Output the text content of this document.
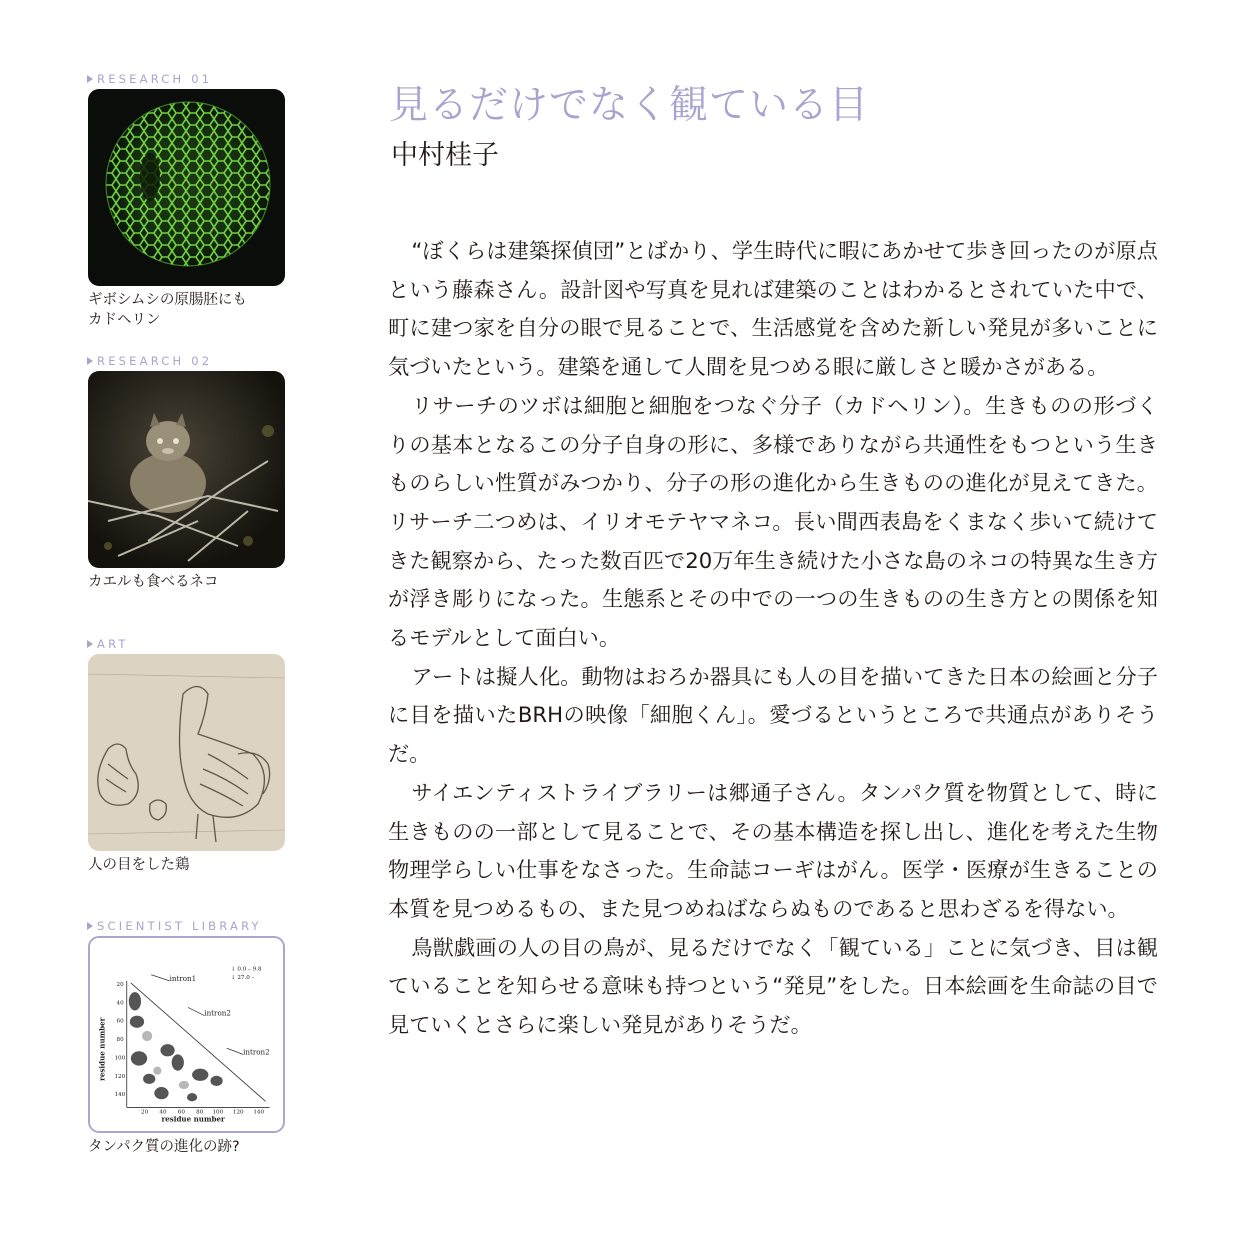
RESEARCH 01
ギボシムシの原腸胚にも
カドヘリン
RESEARCH 02
カエルも食べるネコ
ART
人の目をした鶏
SCIENTIST LIBRARY
intron1
intron2
intron2
↓ 0.0 – 9.8
↓ 27.0 –
residue number
residue number
20 40 60 80 100 120 140
20
40
60
80
100
120
140
タンパク質の進化の跡?
見るだけでなく観ている目
中村桂子

“ぼくらは建築探偵団”とばかり、学生時代に暇にあかせて歩き回ったのが原点という藤森さん。設計図や写真を見れば建築のことはわかるとされていた中で、町に建つ家を自分の眼で見ることで、生活感覚を含めた新しい発見が多いことに気づいたという。建築を通して人間を見つめる眼に厳しさと暖かさがある。

リサーチのツボは細胞と細胞をつなぐ分子（カドヘリン）。生きものの形づくりの基本となるこの分子自身の形に、多様でありながら共通性をもつという生きものらしい性質がみつかり、分子の形の進化から生きものの進化が見えてきた。リサーチ二つめは、イリオモテヤマネコ。長い間西表島をくまなく歩いて続けてきた観察から、たった数百匹で20万年生き続けた小さな島のネコの特異な生き方が浮き彫りになった。生態系とその中での一つの生きものの生き方との関係を知るモデルとして面白い。

アートは擬人化。動物はおろか器具にも人の目を描いてきた日本の絵画と分子に目を描いたBRHの映像「細胞くん」。愛づるというところで共通点がありそうだ。

サイエンティストライブラリーは郷通子さん。タンパク質を物質として、時に生きものの一部として見ることで、その基本構造を探し出し、進化を考えた生物物理学らしい仕事をなさった。生命誌コーギはがん。医学・医療が生きることの本質を見つめるもの、また見つめねばならぬものであると思わざるを得ない。

鳥獣戯画の人の目の鳥が、見るだけでなく「観ている」ことに気づき、目は観ていることを知らせる意味も持つという“発見”をした。日本絵画を生命誌の目で見ていくとさらに楽しい発見がありそうだ。
